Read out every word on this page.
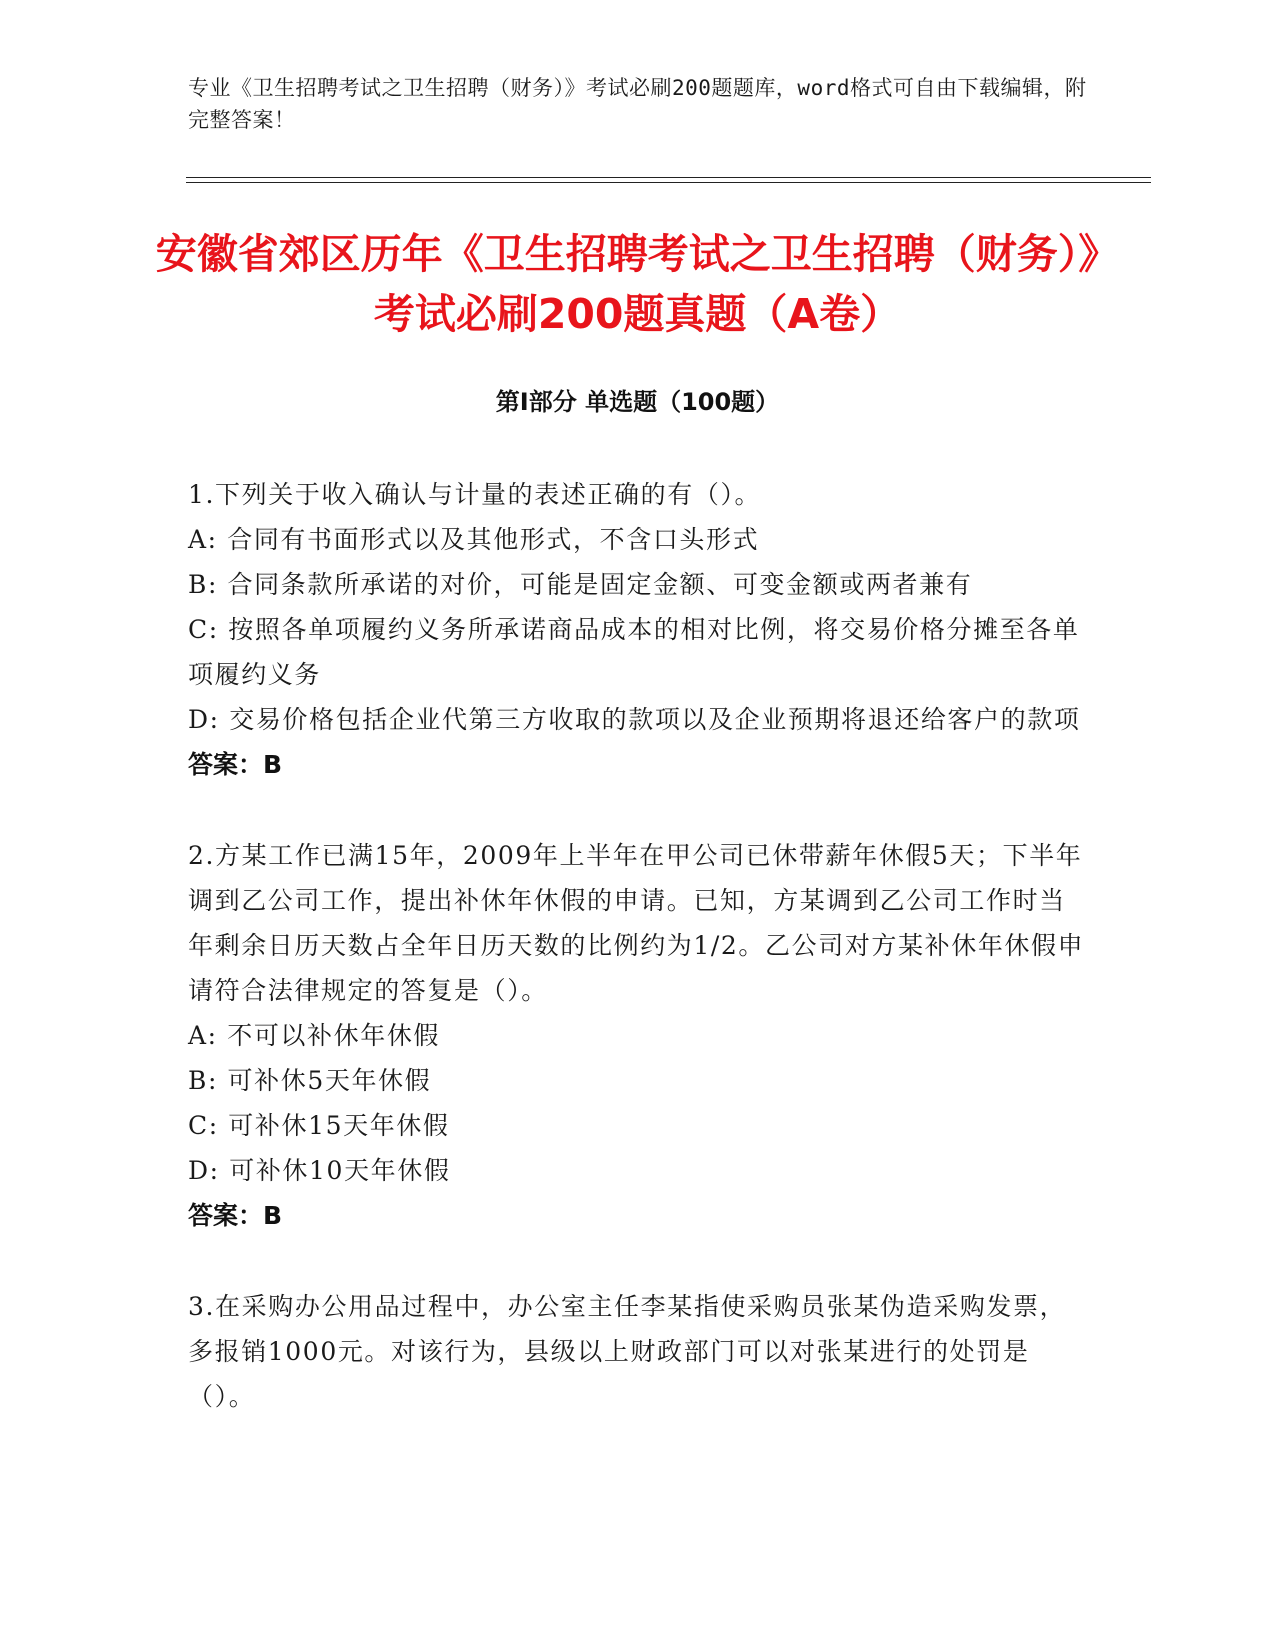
专业《卫生招聘考试之卫生招聘（财务）》考试必刷200题题库，word格式可自由下载编辑，附完整答案！
安徽省郊区历年《卫生招聘考试之卫生招聘（财务）》考试必刷200题真题（A卷）
第I部分 单选题（100题）
1.下列关于收入确认与计量的表述正确的有（）。
A: 合同有书面形式以及其他形式，不含口头形式
B: 合同条款所承诺的对价，可能是固定金额、可变金额或两者兼有
C: 按照各单项履约义务所承诺商品成本的相对比例，将交易价格分摊至各单项履约义务
D: 交易价格包括企业代第三方收取的款项以及企业预期将退还给客户的款项
答案：B
2.方某工作已满15年，2009年上半年在甲公司已休带薪年休假5天；下半年调到乙公司工作，提出补休年休假的申请。已知，方某调到乙公司工作时当年剩余日历天数占全年日历天数的比例约为1/2。乙公司对方某补休年休假申请符合法律规定的答复是（）。
A: 不可以补休年休假
B: 可补休5天年休假
C: 可补休15天年休假
D: 可补休10天年休假
答案：B
3.在采购办公用品过程中，办公室主任李某指使采购员张某伪造采购发票，多报销1000元。对该行为，县级以上财政部门可以对张某进行的处罚是（）。
